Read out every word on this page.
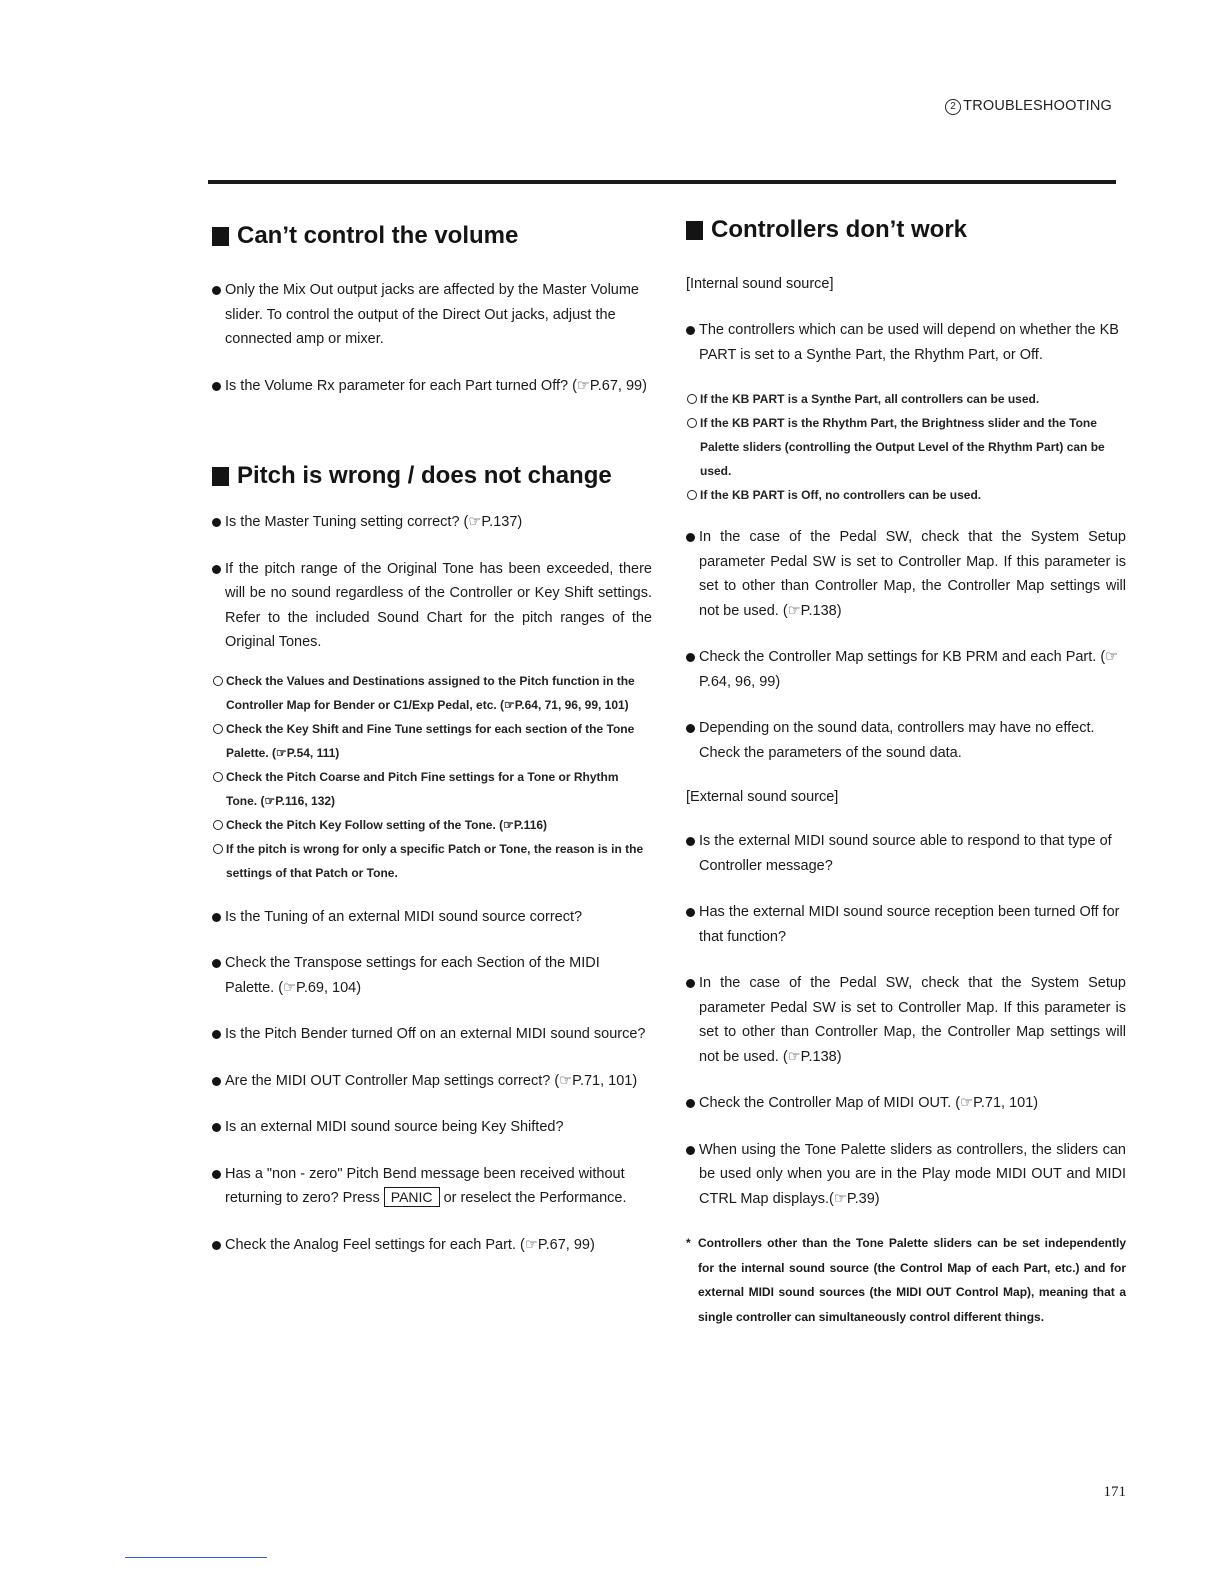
2 TROUBLESHOOTING
Can’t control the volume
Only the Mix Out output jacks are affected by the Master Volume slider. To control the output of the Direct Out jacks, adjust the connected amp or mixer.
Is the Volume Rx parameter for each Part turned Off? (☞P.67, 99)
Pitch is wrong / does not change
Is the Master Tuning setting correct? (☞P.137)
If the pitch range of the Original Tone has been exceeded, there will be no sound regardless of the Controller or Key Shift settings. Refer to the included Sound Chart for the pitch ranges of the Original Tones.
Check the Values and Destinations assigned to the Pitch function in the Controller Map for Bender or C1/Exp Pedal, etc. (☞P.64, 71, 96, 99, 101)
Check the Key Shift and Fine Tune settings for each section of the Tone Palette. (☞P.54, 111)
Check the Pitch Coarse and Pitch Fine settings for a Tone or Rhythm Tone. (☞P.116, 132)
Check the Pitch Key Follow setting of the Tone. (☞P.116)
If the pitch is wrong for only a specific Patch or Tone, the reason is in the settings of that Patch or Tone.
Is the Tuning of an external MIDI sound source correct?
Check the Transpose settings for each Section of the MIDI Palette. (☞P.69, 104)
Is the Pitch Bender turned Off on an external MIDI sound source?
Are the MIDI OUT Controller Map settings correct? (☞P.71, 101)
Is an external MIDI sound source being Key Shifted?
Has a "non - zero" Pitch Bend message been received without returning to zero? Press PANIC or reselect the Performance.
Check the Analog Feel settings for each Part. (☞P.67, 99)
Controllers don’t work
[Internal sound source]
The controllers which can be used will depend on whether the KB PART is set to a Synthe Part, the Rhythm Part, or Off.
If the KB PART is a Synthe Part, all controllers can be used.
If the KB PART is the Rhythm Part, the Brightness slider and the Tone Palette sliders (controlling the Output Level of the Rhythm Part) can be used.
If the KB PART is Off, no controllers can be used.
In the case of the Pedal SW, check that the System Setup parameter Pedal SW is set to Controller Map. If this parameter is set to other than Controller Map, the Controller Map settings will not be used. (☞P.138)
Check the Controller Map settings for KB PRM and each Part. (☞P.64, 96, 99)
Depending on the sound data, controllers may have no effect. Check the parameters of the sound data.
[External sound source]
Is the external MIDI sound source able to respond to that type of Controller message?
Has the external MIDI sound source reception been turned Off for that function?
In the case of the Pedal SW, check that the System Setup parameter Pedal SW is set to Controller Map. If this parameter is set to other than Controller Map, the Controller Map settings will not be used. (☞P.138)
Check the Controller Map of MIDI OUT. (☞P.71, 101)
When using the Tone Palette sliders as controllers, the sliders can be used only when you are in the Play mode MIDI OUT and MIDI CTRL Map displays.(☞P.39)
* Controllers other than the Tone Palette sliders can be set independently for the internal sound source (the Control Map of each Part, etc.) and for external MIDI sound sources (the MIDI OUT Control Map), meaning that a single controller can simultaneously control different things.
171
